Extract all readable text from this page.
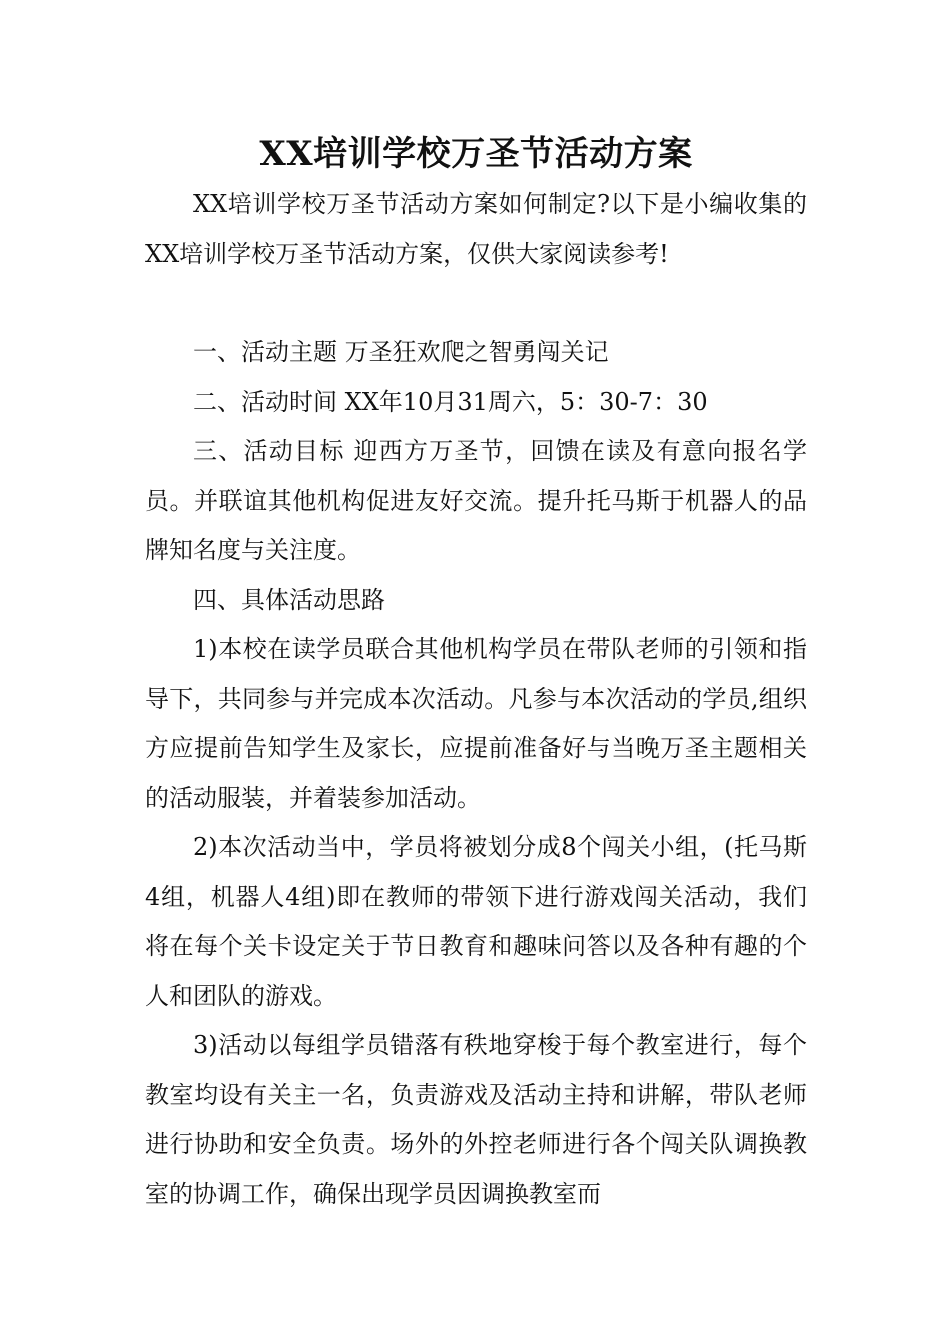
XX培训学校万圣节活动方案

XX培训学校万圣节活动方案如何制定?以下是小编收集的XX培训学校万圣节活动方案，仅供大家阅读参考!

一、活动主题 万圣狂欢爬之智勇闯关记

二、活动时间 XX年10月31周六，5：30-7：30

三、活动目标 迎西方万圣节，回馈在读及有意向报名学员。并联谊其他机构促进友好交流。提升托马斯于机器人的品牌知名度与关注度。

四、具体活动思路

1)本校在读学员联合其他机构学员在带队老师的引领和指导下，共同参与并完成本次活动。凡参与本次活动的学员,组织方应提前告知学生及家长，应提前准备好与当晚万圣主题相关的活动服装，并着装参加活动。

2)本次活动当中，学员将被划分成8个闯关小组，(托马斯4组，机器人4组)即在教师的带领下进行游戏闯关活动，我们将在每个关卡设定关于节日教育和趣味问答以及各种有趣的个人和团队的游戏。

3)活动以每组学员错落有秩地穿梭于每个教室进行，每个教室均设有关主一名，负责游戏及活动主持和讲解，带队老师进行协助和安全负责。场外的外控老师进行各个闯关队调换教室的协调工作，确保出现学员因调换教室而
